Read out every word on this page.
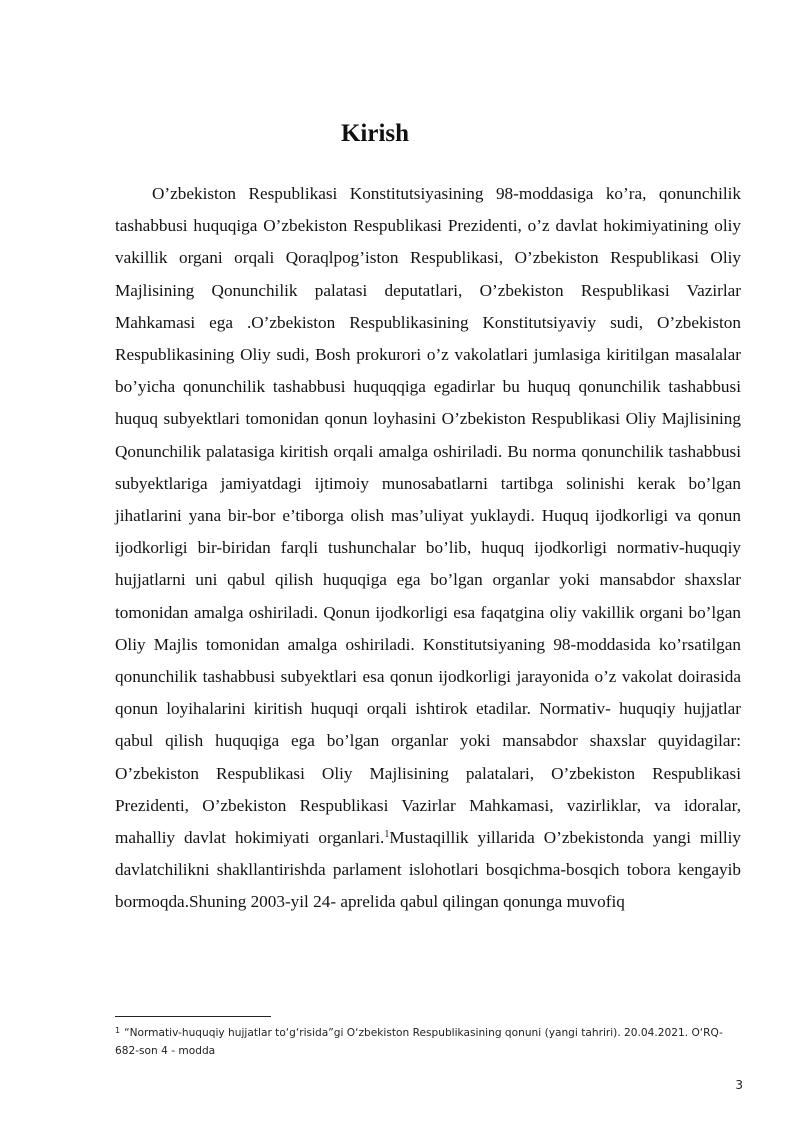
Kirish

O’zbekiston Respublikasi Konstitutsiyasining 98-moddasiga ko’ra, qonunchilik tashabbusi huquqiga O’zbekiston Respublikasi Prezidenti, o’z davlat hokimiyatining oliy vakillik organi orqali Qoraqlpog’iston Respublikasi, O’zbekiston Respublikasi Oliy Majlisining Qonunchilik palatasi deputatlari, O’zbekiston Respublikasi Vazirlar Mahkamasi ega .O’zbekiston Respublikasining Konstitutsiyaviy sudi, O’zbekiston Respublikasining Oliy sudi, Bosh prokurori o’z vakolatlari jumlasiga kiritilgan masalalar bo’yicha qonunchilik tashabbusi huquqqiga egadirlar bu huquq qonunchilik tashabbusi huquq subyektlari tomonidan qonun loyhasini O’zbekiston Respublikasi Oliy Majlisining Qonunchilik palatasiga kiritish orqali amalga oshiriladi. Bu norma qonunchilik tashabbusi subyektlariga jamiyatdagi ijtimoiy munosabatlarni tartibga solinishi kerak bo’lgan jihatlarini yana bir-bor e’tiborga olish mas’uliyat yuklaydi. Huquq ijodkorligi va qonun ijodkorligi bir-biridan farqli tushunchalar bo’lib, huquq ijodkorligi normativ-huquqiy hujjatlarni uni qabul qilish huquqiga ega bo’lgan organlar yoki mansabdor shaxslar tomonidan amalga oshiriladi. Qonun ijodkorligi esa faqatgina oliy vakillik organi bo’lgan Oliy Majlis tomonidan amalga oshiriladi. Konstitutsiyaning 98-moddasida ko’rsatilgan qonunchilik tashabbusi subyektlari esa qonun ijodkorligi jarayonida o’z vakolat doirasida qonun loyihalarini kiritish huquqi orqali ishtirok etadilar. Normativ- huquqiy hujjatlar qabul qilish huquqiga ega bo’lgan organlar yoki mansabdor shaxslar quyidagilar: O’zbekiston Respublikasi Oliy Majlisining palatalari, O’zbekiston Respublikasi Prezidenti, O’zbekiston Respublikasi Vazirlar Mahkamasi, vazirliklar, va idoralar, mahalliy davlat hokimiyati organlari.$^1$Mustaqillik yillarida O’zbekistonda yangi milliy davlatchilikni shakllantirishda parlament islohotlari bosqichma-bosqich tobora kengayib bormoqda.Shuning 2003-yil 24- aprelida qabul qilingan qonunga muvofiq

$^1$ “Normativ-huquqiy hujjatlar to‘g‘risida”gi O‘zbekiston Respublikasining qonuni (yangi tahriri). 20.04.2021. O‘RQ-682-son 4 - modda
3
